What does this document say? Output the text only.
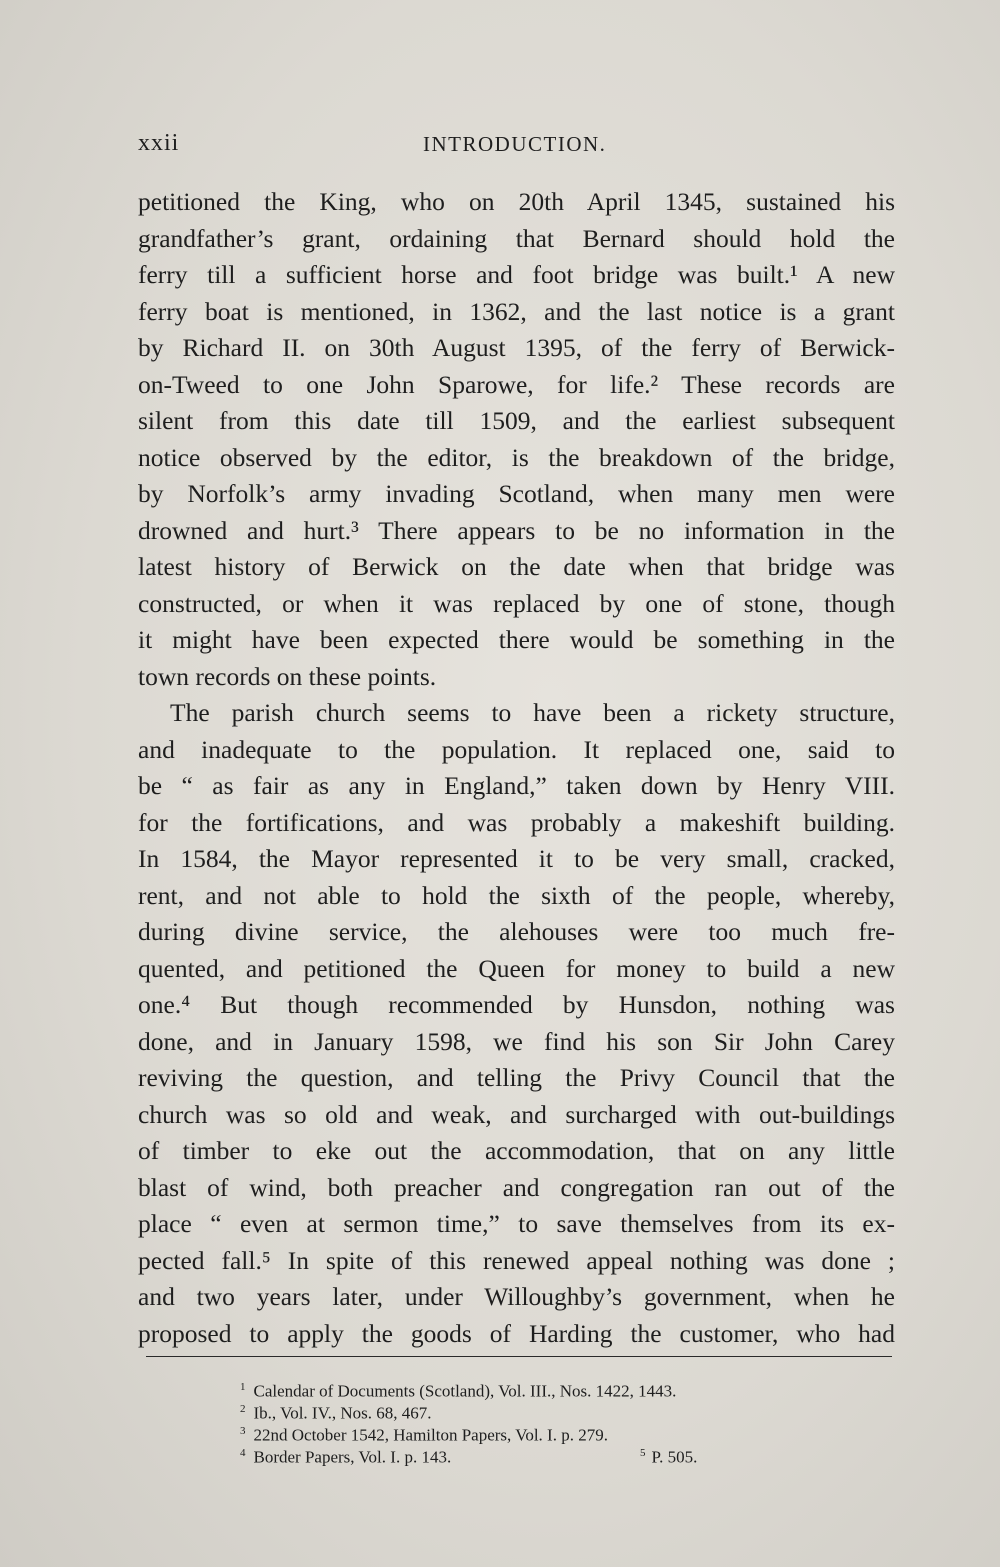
xxii	INTRODUCTION.
petitioned the King, who on 20th April 1345, sustained his
grandfather’s grant, ordaining that Bernard should hold the
ferry till a sufficient horse and foot bridge was built.¹ A new
ferry boat is mentioned, in 1362, and the last notice is a grant
by Richard II. on 30th August 1395, of the ferry of Berwick-
on-Tweed to one John Sparowe, for life.² These records are
silent from this date till 1509, and the earliest subsequent
notice observed by the editor, is the breakdown of the bridge,
by Norfolk’s army invading Scotland, when many men were
drowned and hurt.³ There appears to be no information in the
latest history of Berwick on the date when that bridge was
constructed, or when it was replaced by one of stone, though
it might have been expected there would be something in the
town records on these points.
The parish church seems to have been a rickety structure,
and inadequate to the population. It replaced one, said to
be “ as fair as any in England,” taken down by Henry VIII.
for the fortifications, and was probably a makeshift building.
In 1584, the Mayor represented it to be very small, cracked,
rent, and not able to hold the sixth of the people, whereby,
during divine service, the alehouses were too much fre-
quented, and petitioned the Queen for money to build a new
one.⁴ But though recommended by Hunsdon, nothing was
done, and in January 1598, we find his son Sir John Carey
reviving the question, and telling the Privy Council that the
church was so old and weak, and surcharged with out-buildings
of timber to eke out the accommodation, that on any little
blast of wind, both preacher and congregation ran out of the
place “ even at sermon time,” to save themselves from its ex-
pected fall.⁵ In spite of this renewed appeal nothing was done ;
and two years later, under Willoughby’s government, when he
proposed to apply the goods of Harding the customer, who had
$^1$ Calendar of Documents (Scotland), Vol. III., Nos. 1422, 1443.
$^2$ Ib., Vol. IV., Nos. 68, 467.
$^3$ 22nd October 1542, Hamilton Papers, Vol. I. p. 279.
$^4$ Border Papers, Vol. I. p. 143.	$^5$ P. 505.
